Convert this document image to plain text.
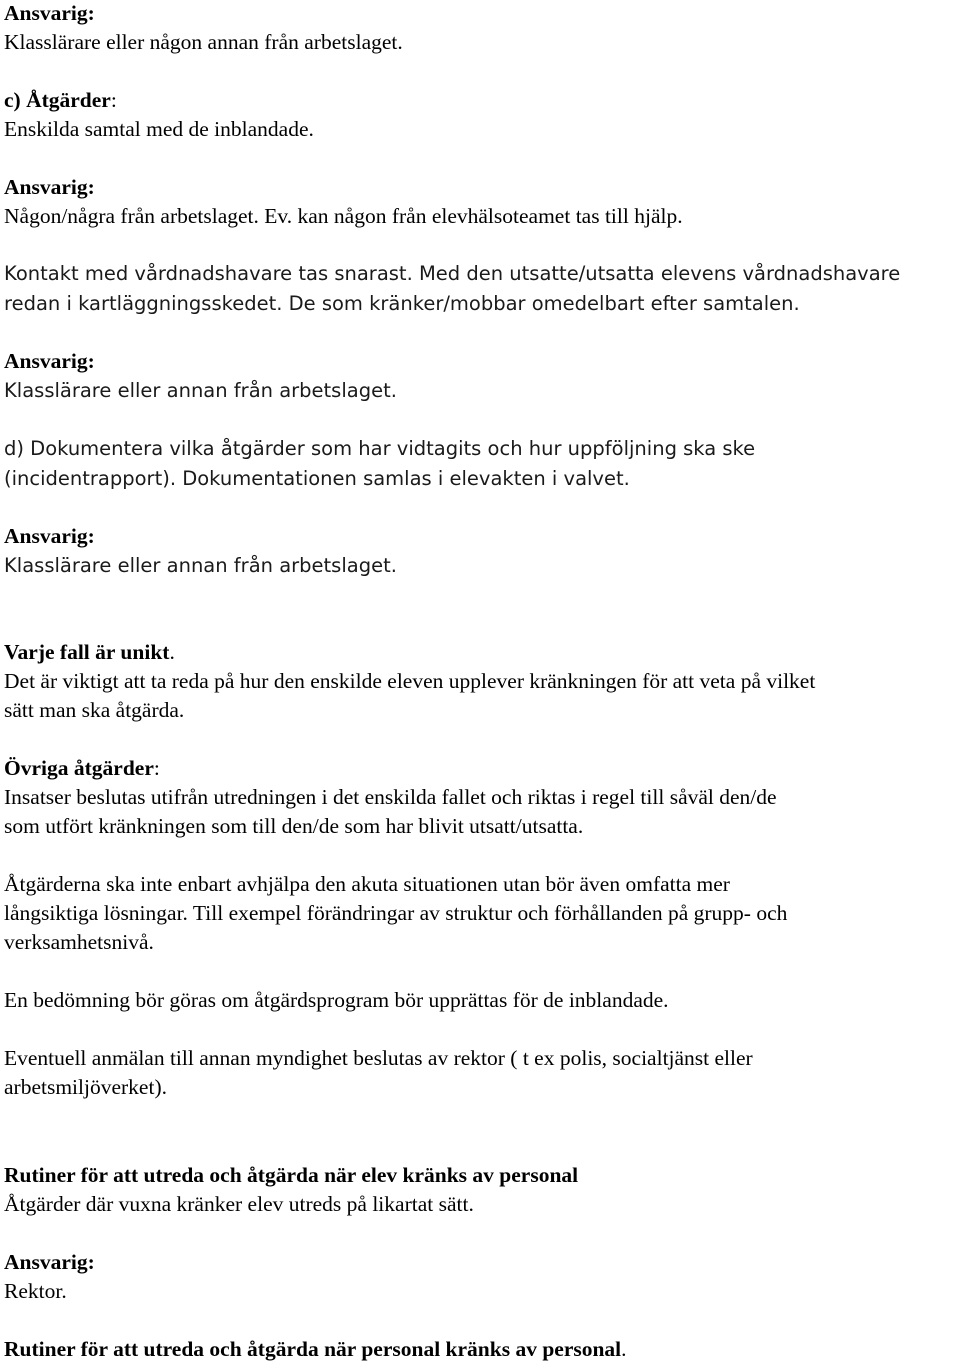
Ansvarig:
Klasslärare eller någon annan från arbetslaget.
c) Åtgärder:
Enskilda samtal med de inblandade.
Ansvarig:
Någon/några från arbetslaget. Ev. kan någon från elevhälsoteamet tas till hjälp.
Kontakt med vårdnadshavare tas snarast. Med den utsatte/utsatta elevens vårdnadshavare
redan i kartläggningsskedet. De som kränker/mobbar omedelbart efter samtalen.
Ansvarig:
Klasslärare eller annan från arbetslaget.
d) Dokumentera vilka åtgärder som har vidtagits och hur uppföljning ska ske
(incidentrapport). Dokumentationen samlas i elevakten i valvet.
Ansvarig:
Klasslärare eller annan från arbetslaget.
Varje fall är unikt.
Det är viktigt att ta reda på hur den enskilde eleven upplever kränkningen för att veta på vilket
sätt man ska åtgärda.
Övriga åtgärder:
Insatser beslutas utifrån utredningen i det enskilda fallet och riktas i regel till såväl den/de
som utfört kränkningen som till den/de som har blivit utsatt/utsatta.
Åtgärderna ska inte enbart avhjälpa den akuta situationen utan bör även omfatta mer
långsiktiga lösningar. Till exempel förändringar av struktur och förhållanden på grupp- och
verksamhetsnivå.
En bedömning bör göras om åtgärdsprogram bör upprättas för de inblandade.
Eventuell anmälan till annan myndighet beslutas av rektor ( t ex polis, socialtjänst eller
arbetsmiljöverket).
Rutiner för att utreda och åtgärda när elev kränks av personal
Åtgärder där vuxna kränker elev utreds på likartat sätt.
Ansvarig:
Rektor.
Rutiner för att utreda och åtgärda när personal kränks av personal.
